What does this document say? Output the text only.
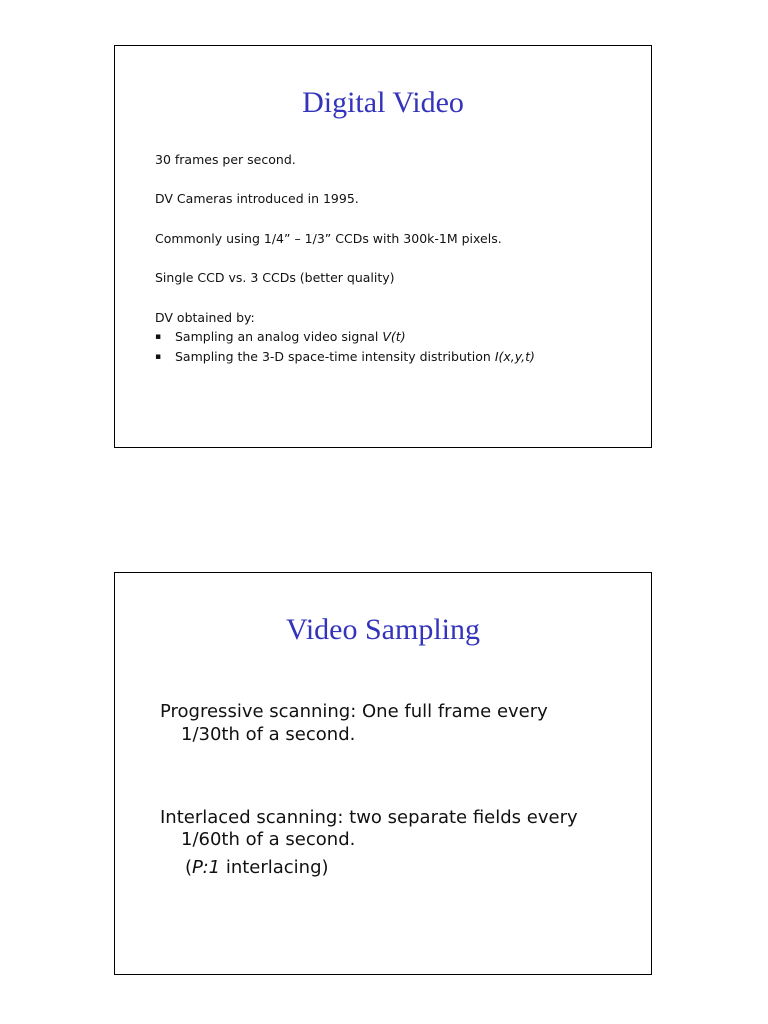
Digital Video
30 frames per second.
DV Cameras introduced in 1995.
Commonly using 1/4” – 1/3” CCDs with 300k-1M pixels.
Single CCD vs. 3 CCDs (better quality)
DV obtained by:
▪ Sampling an analog video signal V(t)
▪ Sampling the 3-D space-time intensity distribution I(x,y,t)
Video Sampling
Progressive scanning: One full frame every
1/30th of a second.
Interlaced scanning: two separate fields every
1/60th of a second.
(P:1 interlacing)
